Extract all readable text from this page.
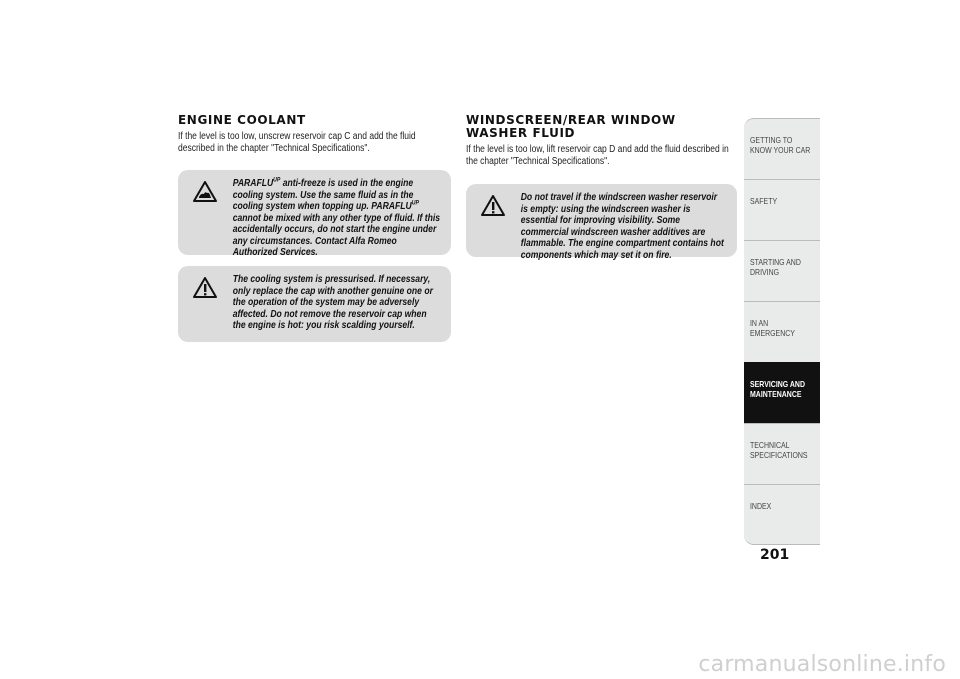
ENGINE COOLANT

If the level is too low, unscrew reservoir cap C and add the fluid described in the chapter "Technical Specifications".

$PARAFLU^{UP}$ anti-freeze is used in the engine cooling system. Use the same fluid as in the cooling system when topping up. $PARAFLU^{UP}$ cannot be mixed with any other type of fluid. If this accidentally occurs, do not start the engine under any circumstances. Contact Alfa Romeo Authorized Services.

The cooling system is pressurised. If necessary, only replace the cap with another genuine one or the operation of the system may be adversely affected. Do not remove the reservoir cap when the engine is hot: you risk scalding yourself.

WINDSCREEN/REAR WINDOW
WASHER FLUID

If the level is too low, lift reservoir cap D and add the fluid described in the chapter "Technical Specifications".

Do not travel if the windscreen washer reservoir is empty: using the windscreen washer is essential for improving visibility. Some commercial windscreen washer additives are flammable. The engine compartment contains hot components which may set it on fire.

GETTING TO KNOW YOUR CAR
SAFETY
STARTING AND DRIVING
IN AN EMERGENCY
SERVICING AND MAINTENANCE
TECHNICAL SPECIFICATIONS
INDEX
201
carmanualsonline.info
